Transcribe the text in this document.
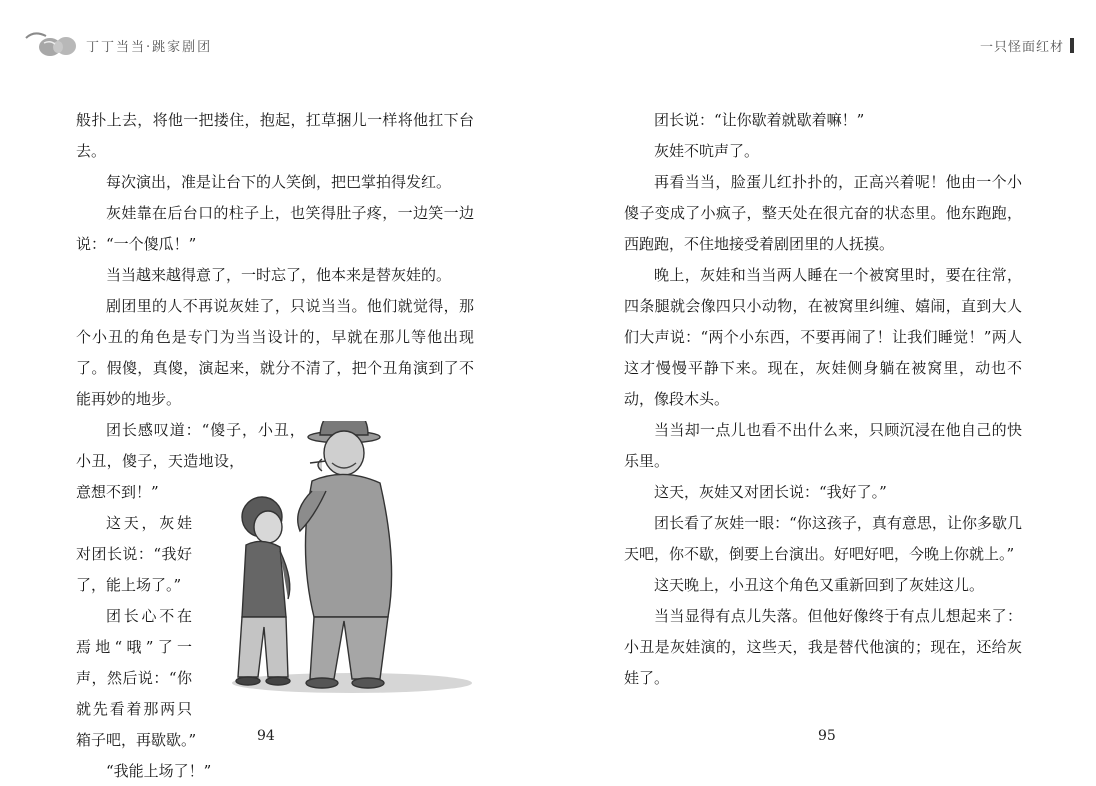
丁丁当当·跳家剧团	一只怪面红材

般扑上去，将他一把搂住，抱起，扛草捆儿一样将他扛下台去。

每次演出，准是让台下的人笑倒，把巴掌拍得发红。

灰娃靠在后台口的柱子上，也笑得肚子疼，一边笑一边说：“一个傻瓜！”

当当越来越得意了，一时忘了，他本来是替灰娃的。

剧团里的人不再说灰娃了，只说当当。他们就觉得，那个小丑的角色是专门为当当设计的，早就在那儿等他出现了。假傻，真傻，演起来，就分不清了，把个丑角演到了不能再妙的地步。

团长感叹道：“傻子，小丑，小丑，傻子，天造地设，意想不到！”

这天，灰娃对团长说：“我好了，能上场了。”

团长心不在焉地“哦”了一声，然后说：“你就先看着那两只箱子吧，再歇歇。”

“我能上场了！”

团长说：“让你歇着就歇着嘛！”

灰娃不吭声了。

再看当当，脸蛋儿红扑扑的，正高兴着呢！他由一个小傻子变成了小疯子，整天处在很亢奋的状态里。他东跑跑，西跑跑，不住地接受着剧团里的人抚摸。

晚上，灰娃和当当两人睡在一个被窝里时，要在往常，四条腿就会像四只小动物，在被窝里纠缠、嬉闹，直到大人们大声说：“两个小东西，不要再闹了！让我们睡觉！”两人这才慢慢平静下来。现在，灰娃侧身躺在被窝里，动也不动，像段木头。

当当却一点儿也看不出什么来，只顾沉浸在他自己的快乐里。

这天，灰娃又对团长说：“我好了。”

团长看了灰娃一眼：“你这孩子，真有意思，让你多歇几天吧，你不歇，倒要上台演出。好吧好吧，今晚上你就上。”

这天晚上，小丑这个角色又重新回到了灰娃这儿。

当当显得有点儿失落。但他好像终于有点儿想起来了：小丑是灰娃演的，这些天，我是替代他演的；现在，还给灰娃了。

94	95
